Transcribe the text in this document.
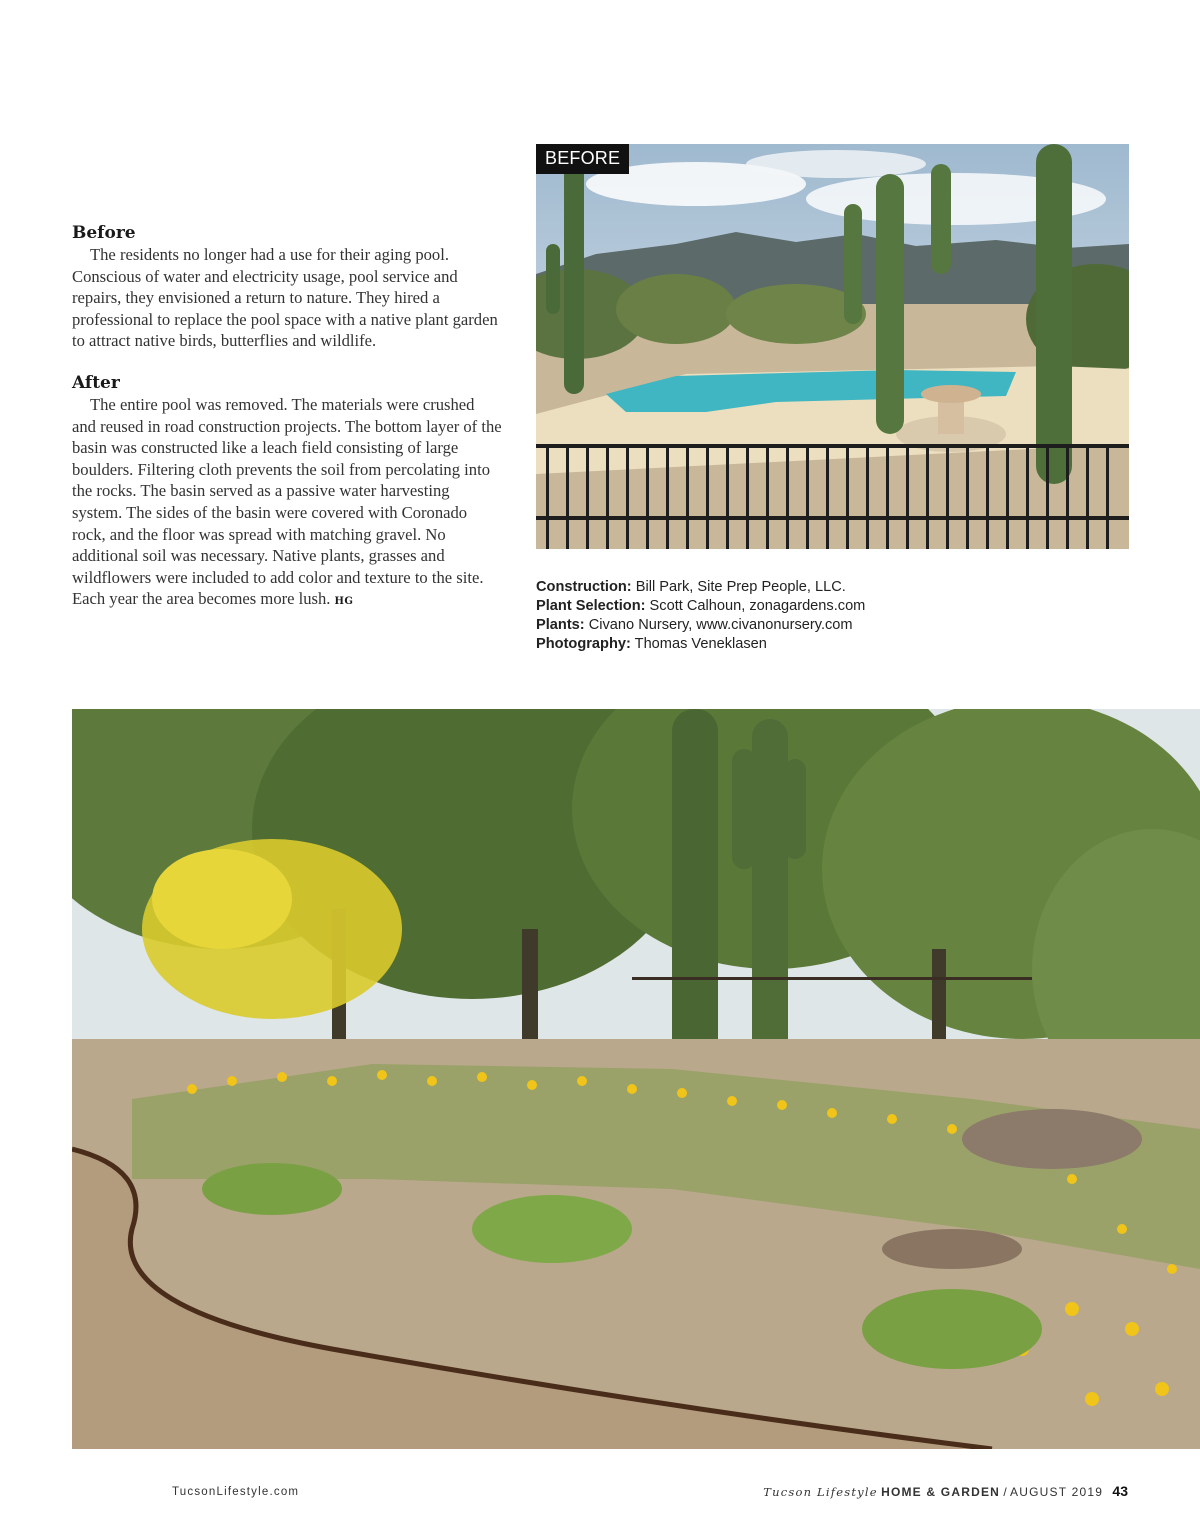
Before

The residents no longer had a use for their aging pool. Conscious of water and electricity usage, pool service and repairs, they envisioned a return to nature. They hired a professional to replace the pool space with a native plant garden to attract native birds, butterflies and wildlife.

After

The entire pool was removed. The materials were crushed and reused in road construction projects. The bottom layer of the basin was constructed like a leach field consisting of large boulders. Filtering cloth prevents the soil from percolating into the rocks. The basin served as a passive water harvesting system. The sides of the basin were covered with Coronado rock, and the floor was spread with matching gravel. No additional soil was necessary. Native plants, grasses and wildflowers were included to add color and texture to the site. Each year the area becomes more lush. HG

BEFORE
Construction: Bill Park, Site Prep People, LLC.
Plant Selection: Scott Calhoun, zonagardens.com
Plants: Civano Nursery, www.civanonursery.com
Photography: Thomas Veneklasen
TucsonLifestyle.com	Tucson Lifestyle HOME & GARDEN / AUGUST 2019 43
